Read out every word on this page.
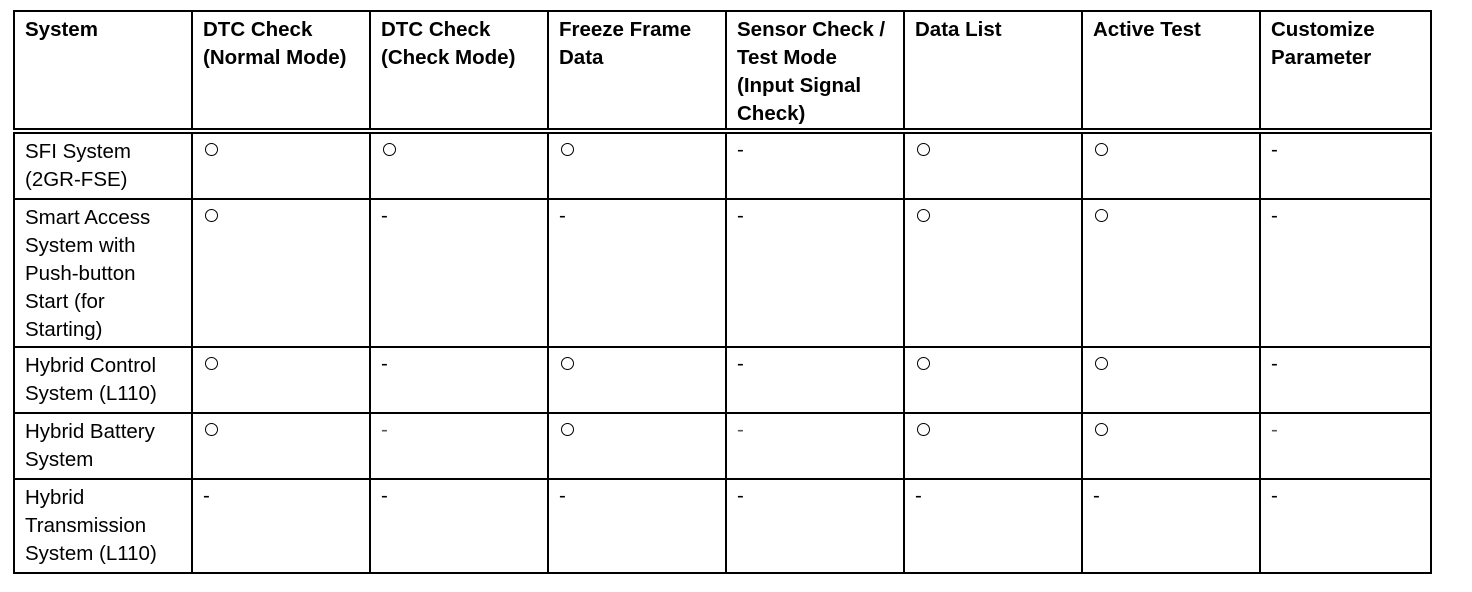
System	DTC Check (Normal Mode)	DTC Check (Check Mode)	Freeze Frame Data	Sensor Check / Test Mode (Input Signal Check)	Data List	Active Test	Customize Parameter
SFI System (2GR-FSE)				-			-
Smart Access System with Push-button Start (for Starting)		-	-	-			-
Hybrid Control System (L110)		-		-			-
Hybrid Battery System		-		-			-
Hybrid Transmission System (L110)	-	-	-	-	-	-	-
